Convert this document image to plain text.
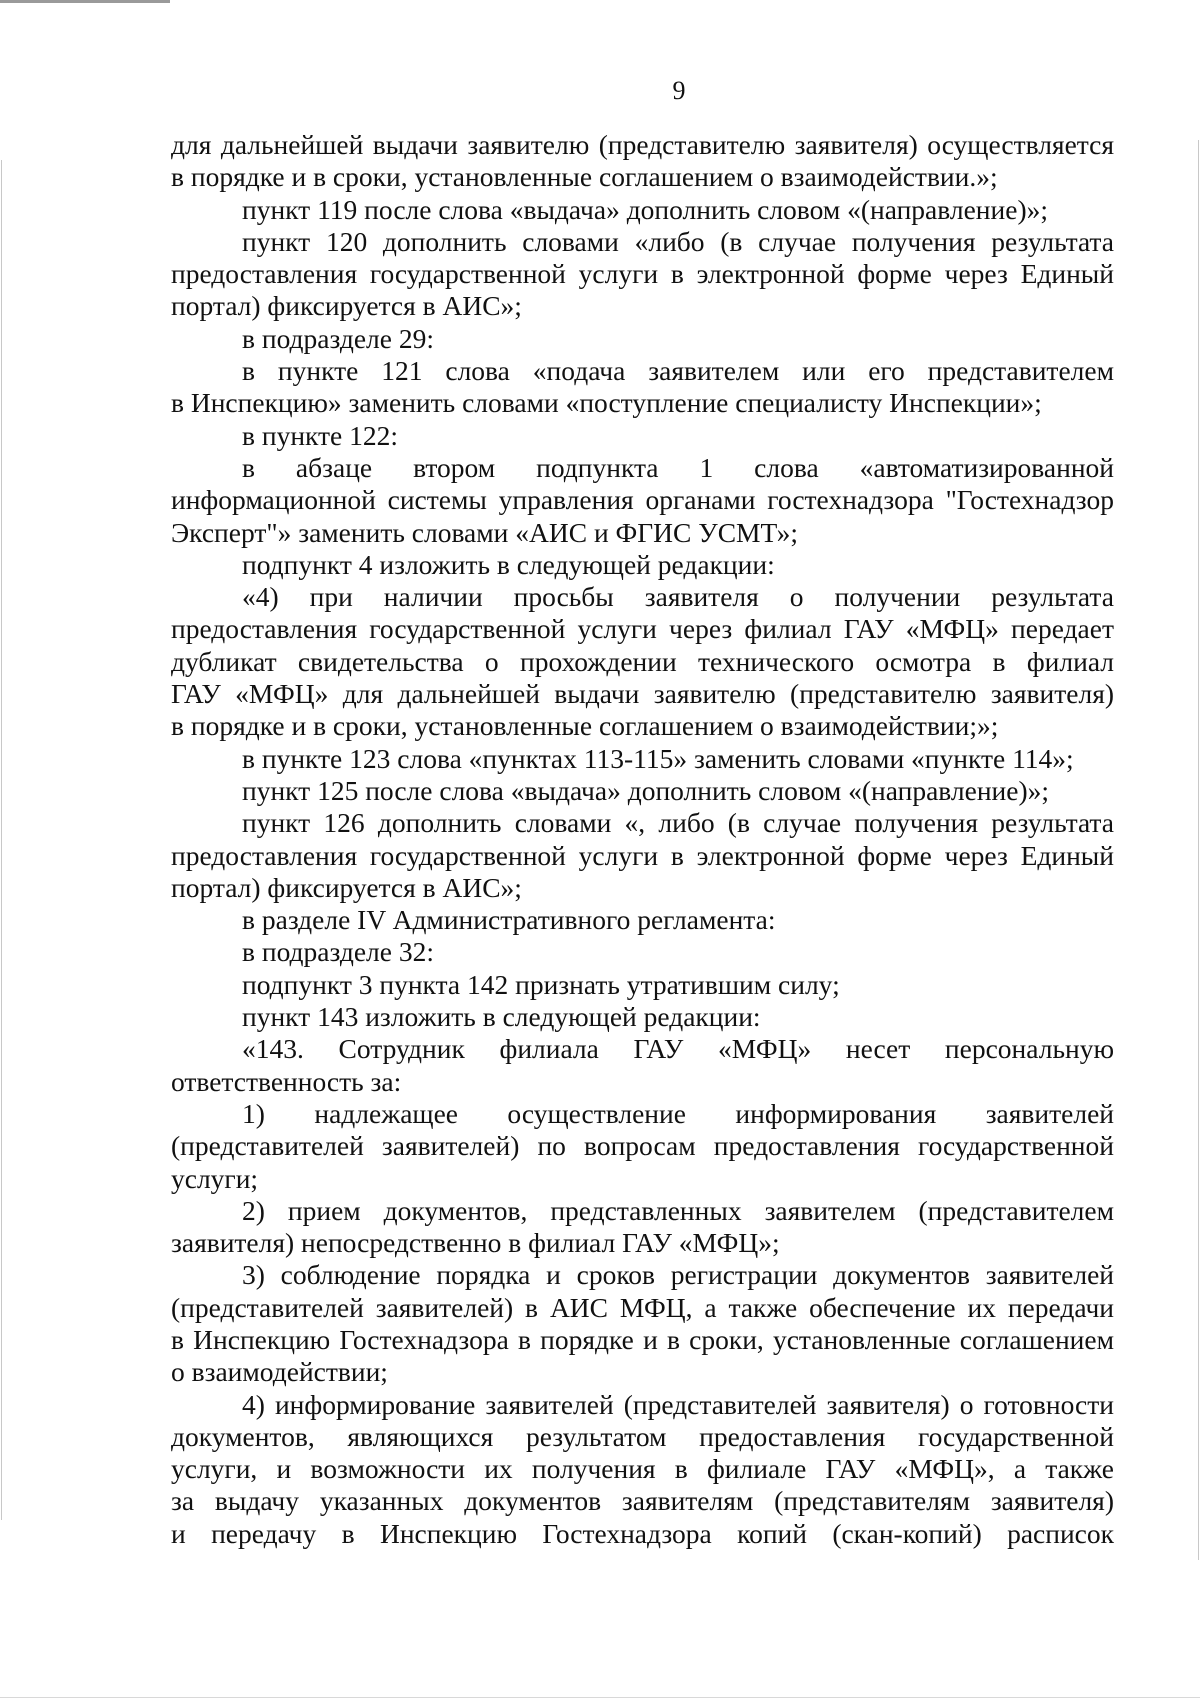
9
для дальнейшей выдачи заявителю (представителю заявителя) осуществляется
в порядке и в сроки, установленные соглашением о взаимодействии.»;
пункт 119 после слова «выдача» дополнить словом «(направление)»;
пункт 120 дополнить словами «либо (в случае получения результата
предоставления государственной услуги в электронной форме через Единый
портал) фиксируется в АИС»;
в подразделе 29:
в пункте 121 слова «подача заявителем или его представителем
в Инспекцию» заменить словами «поступление специалисту Инспекции»;
в пункте 122:
в абзаце втором подпункта 1 слова «автоматизированной
информационной системы управления органами гостехнадзора "Гостехнадзор
Эксперт"» заменить словами «АИС и ФГИС УСМТ»;
подпункт 4 изложить в следующей редакции:
«4) при наличии просьбы заявителя о получении результата
предоставления государственной услуги через филиал ГАУ «МФЦ» передает
дубликат свидетельства о прохождении технического осмотра в филиал
ГАУ «МФЦ» для дальнейшей выдачи заявителю (представителю заявителя)
в порядке и в сроки, установленные соглашением о взаимодействии;»;
в пункте 123 слова «пунктах 113-115» заменить словами «пункте 114»;
пункт 125 после слова «выдача» дополнить словом «(направление)»;
пункт 126 дополнить словами «, либо (в случае получения результата
предоставления государственной услуги в электронной форме через Единый
портал) фиксируется в АИС»;
в разделе IV Административного регламента:
в подразделе 32:
подпункт 3 пункта 142 признать утратившим силу;
пункт 143 изложить в следующей редакции:
«143. Сотрудник филиала ГАУ «МФЦ» несет персональную
ответственность за:
1) надлежащее осуществление информирования заявителей
(представителей заявителей) по вопросам предоставления государственной
услуги;
2) прием документов, представленных заявителем (представителем
заявителя) непосредственно в филиал ГАУ «МФЦ»;
3) соблюдение порядка и сроков регистрации документов заявителей
(представителей заявителей) в АИС МФЦ, а также обеспечение их передачи
в Инспекцию Гостехнадзора в порядке и в сроки, установленные соглашением
о взаимодействии;
4) информирование заявителей (представителей заявителя) о готовности
документов, являющихся результатом предоставления государственной
услуги, и возможности их получения в филиале ГАУ «МФЦ», а также
за выдачу указанных документов заявителям (представителям заявителя)
и передачу в Инспекцию Гостехнадзора копий (скан-копий) расписок
